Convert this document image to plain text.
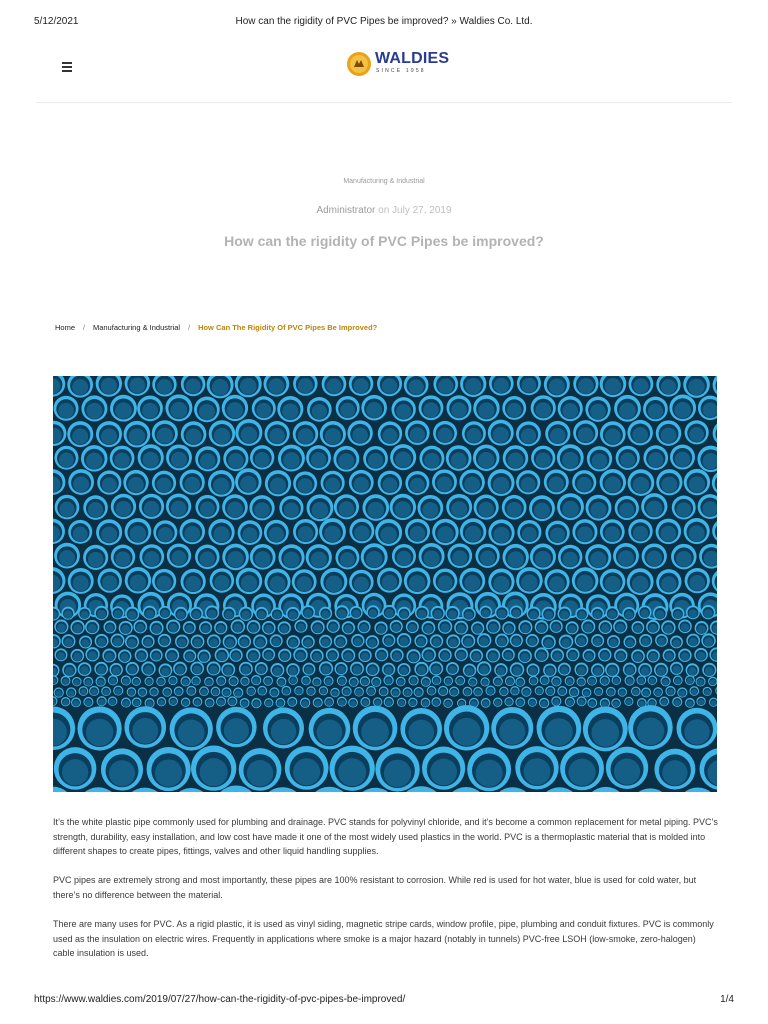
5/12/2021	How can the rigidity of PVC Pipes be improved? » Waldies Co. Ltd.
WALDIES
SINCE 1958
Manufacturing & Industrial
Administrator on July 27, 2019
How can the rigidity of PVC Pipes be improved?
Home / Manufacturing & Industrial / How Can The Rigidity Of PVC Pipes Be Improved?

It’s the white plastic pipe commonly used for plumbing and drainage. PVC stands for polyvinyl chloride, and it’s become a common replacement for metal piping. PVC’s strength, durability, easy installation, and low cost have made it one of the most widely used plastics in the world. PVC is a thermoplastic material that is molded into different shapes to create pipes, fittings, valves and other liquid handling supplies.

PVC pipes are extremely strong and most importantly, these pipes are 100% resistant to corrosion. While red is used for hot water, blue is used for cold water, but there’s no difference between the material.

There are many uses for PVC. As a rigid plastic, it is used as vinyl siding, magnetic stripe cards, window profile, pipe, plumbing and conduit fixtures. PVC is commonly used as the insulation on electric wires. Frequently in applications where smoke is a major hazard (notably in tunnels) PVC-free LSOH (low-smoke, zero-halogen) cable insulation is used.

https://www.waldies.com/2019/07/27/how-can-the-rigidity-of-pvc-pipes-be-improved/	1/4
